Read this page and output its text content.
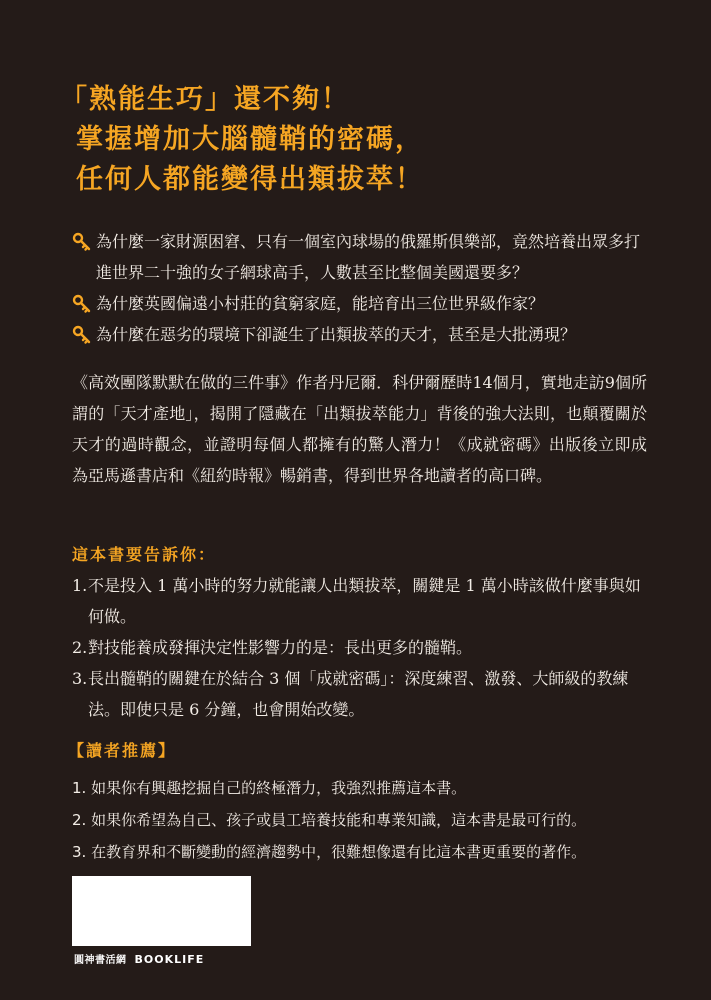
「熟能生巧」還不夠！
掌握增加大腦髓鞘的密碼，
任何人都能變得出類拔萃！
為什麼一家財源困窘、只有一個室內球場的俄羅斯俱樂部，竟然培養出眾多打進世界二十強的女子網球高手，人數甚至比整個美國還要多？
為什麼英國偏遠小村莊的貧窮家庭，能培育出三位世界級作家？
為什麼在惡劣的環境下卻誕生了出類拔萃的天才，甚至是大批湧現？
《高效團隊默默在做的三件事》作者丹尼爾．科伊爾歷時14個月，實地走訪9個所謂的「天才產地」，揭開了隱藏在「出類拔萃能力」背後的強大法則，也顛覆關於天才的過時觀念，並證明每個人都擁有的驚人潛力！《成就密碼》出版後立即成為亞馬遜書店和《紐約時報》暢銷書，得到世界各地讀者的高口碑。
這本書要告訴你：
1. 不是投入 1 萬小時的努力就能讓人出類拔萃，關鍵是 1 萬小時該做什麼事與如何做。
2. 對技能養成發揮決定性影響力的是：長出更多的髓鞘。
3. 長出髓鞘的關鍵在於結合 3 個「成就密碼」：深度練習、激發、大師級的教練法。即使只是 6 分鐘，也會開始改變。
【讀者推薦】
1. 如果你有興趣挖掘自己的終極潛力，我強烈推薦這本書。
2. 如果你希望為自己、孩子或員工培養技能和專業知識，這本書是最可行的。
3. 在教育界和不斷變動的經濟趨勢中，很難想像還有比這本書更重要的著作。
圓神書活網 BOOKLIFE
